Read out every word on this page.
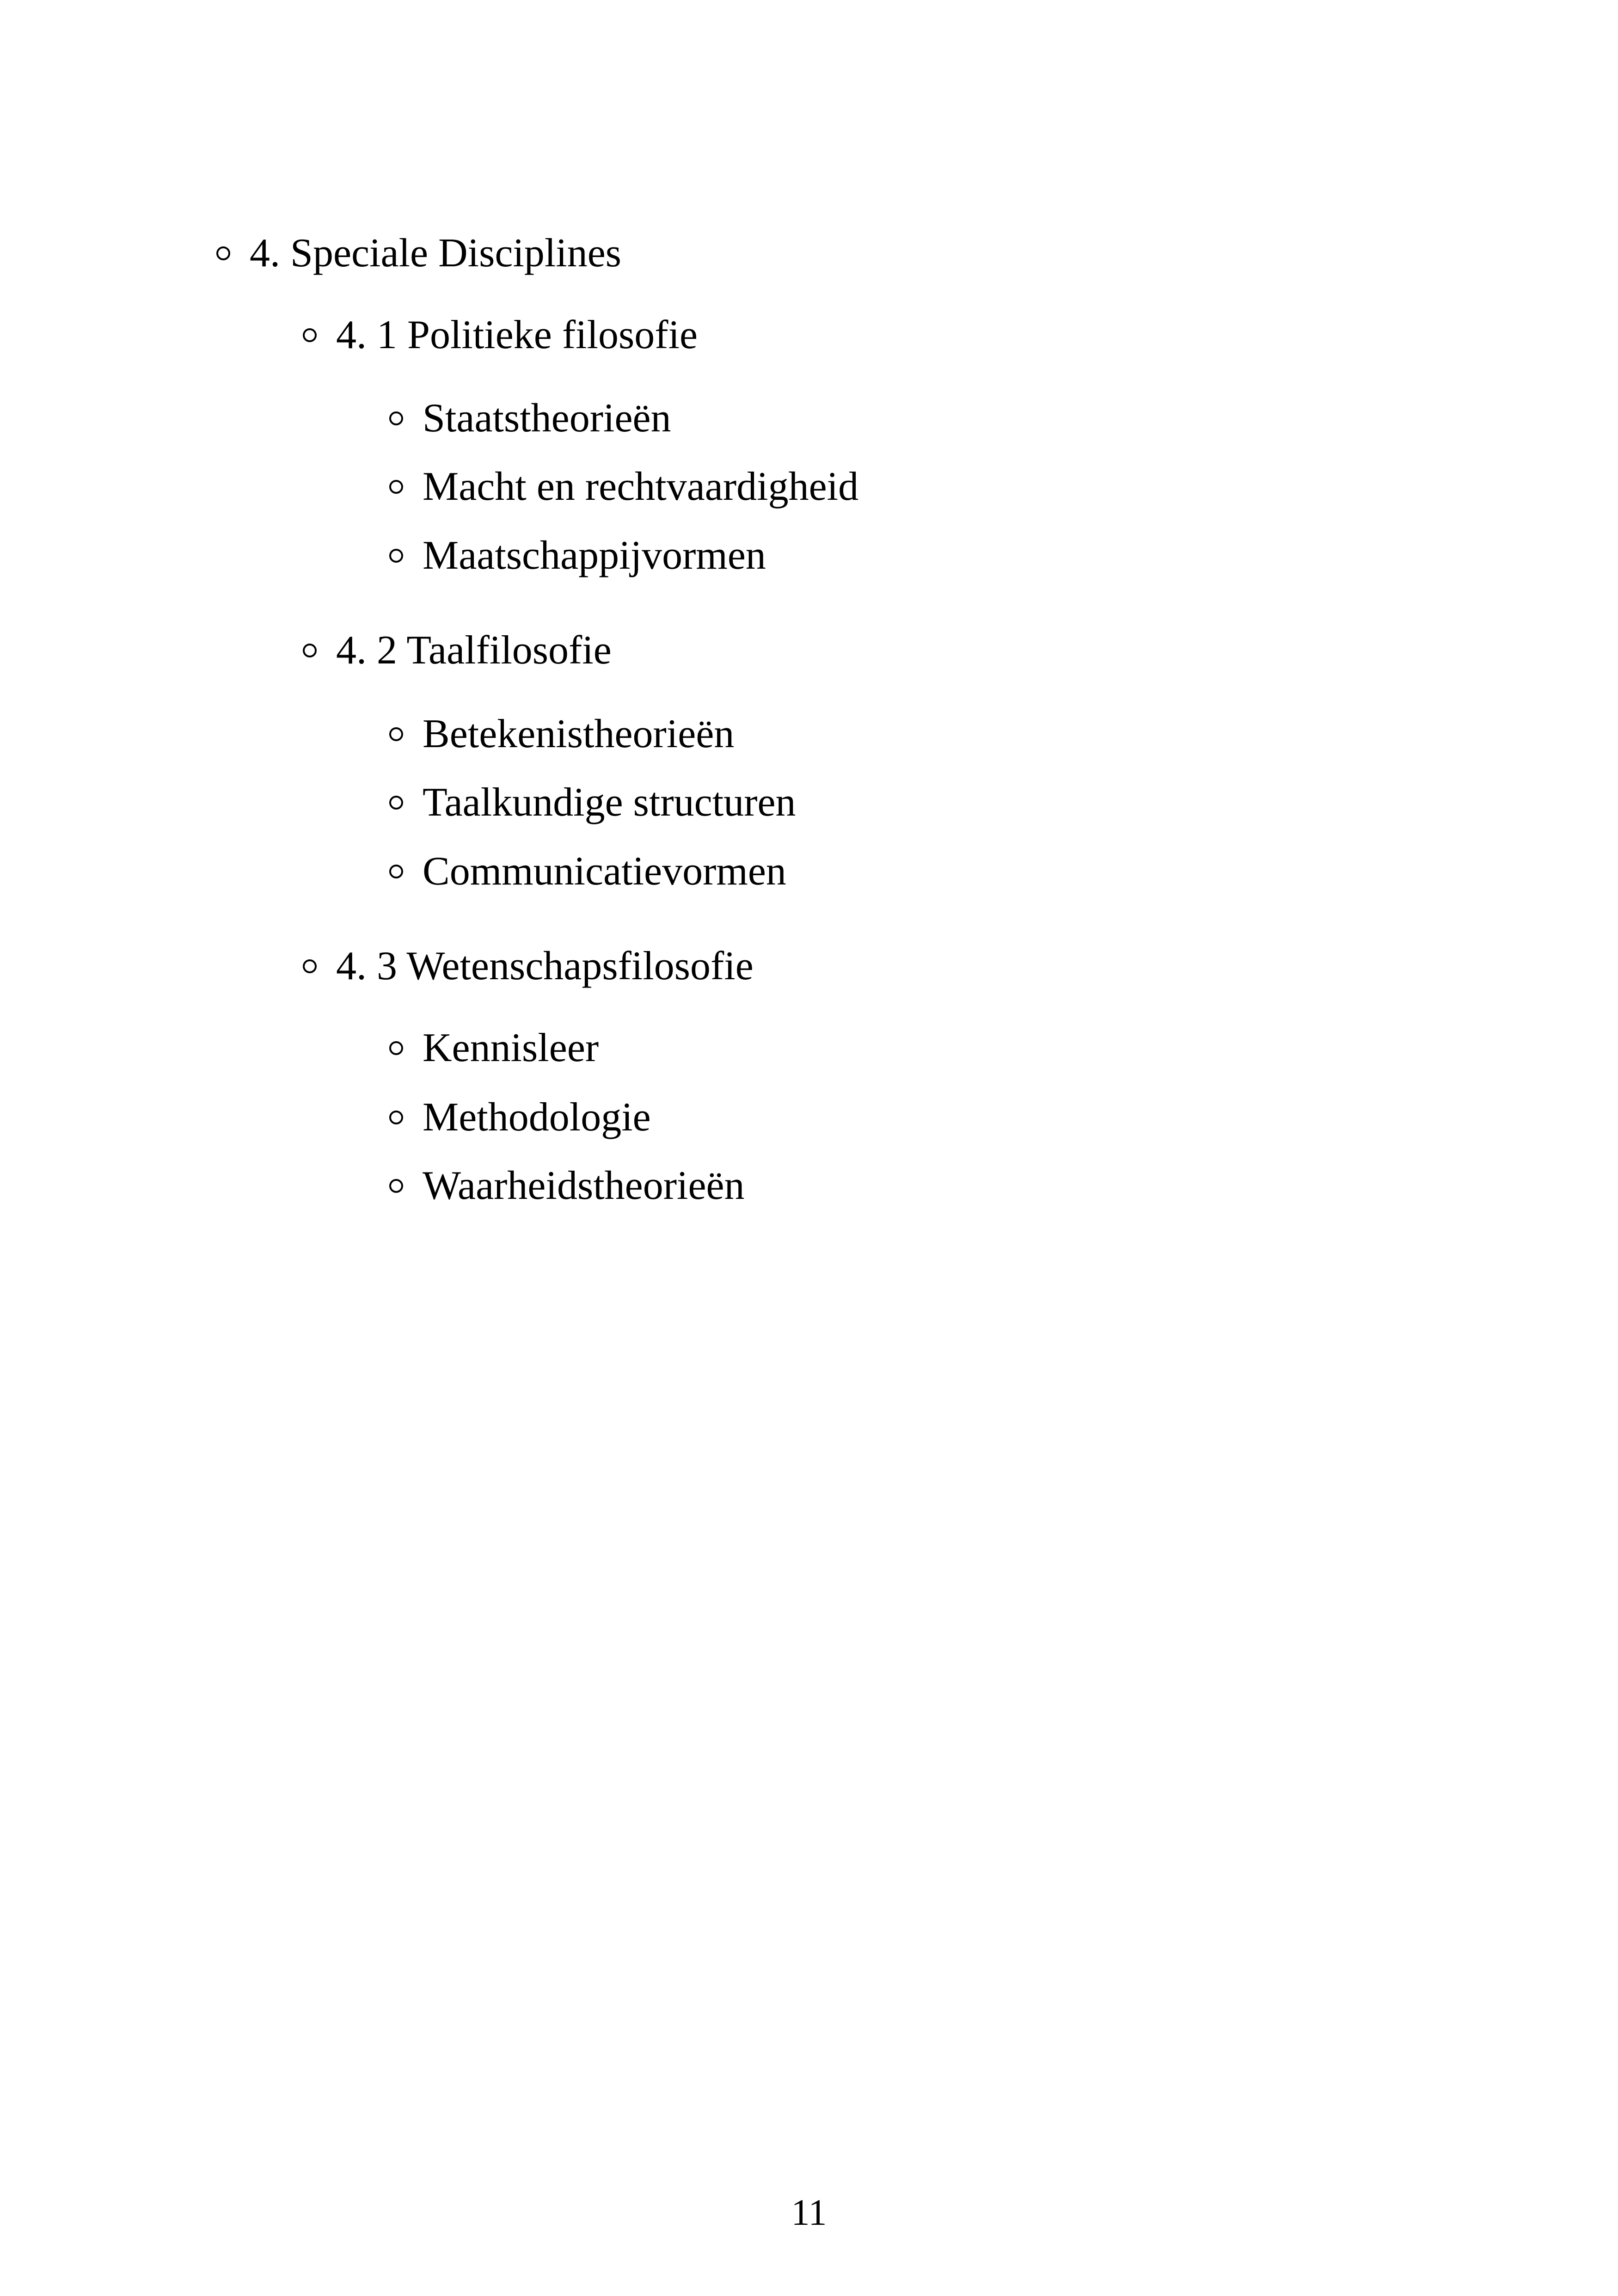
4. Speciale Disciplines
4. 1 Politieke filosofie
Staatstheorieën
Macht en rechtvaardigheid
Maatschappijvormen
4. 2 Taalfilosofie
Betekenistheorieën
Taalkundige structuren
Communicatievormen
4. 3 Wetenschapsfilosofie
Kennisleer
Methodologie
Waarheidstheorieën
11
